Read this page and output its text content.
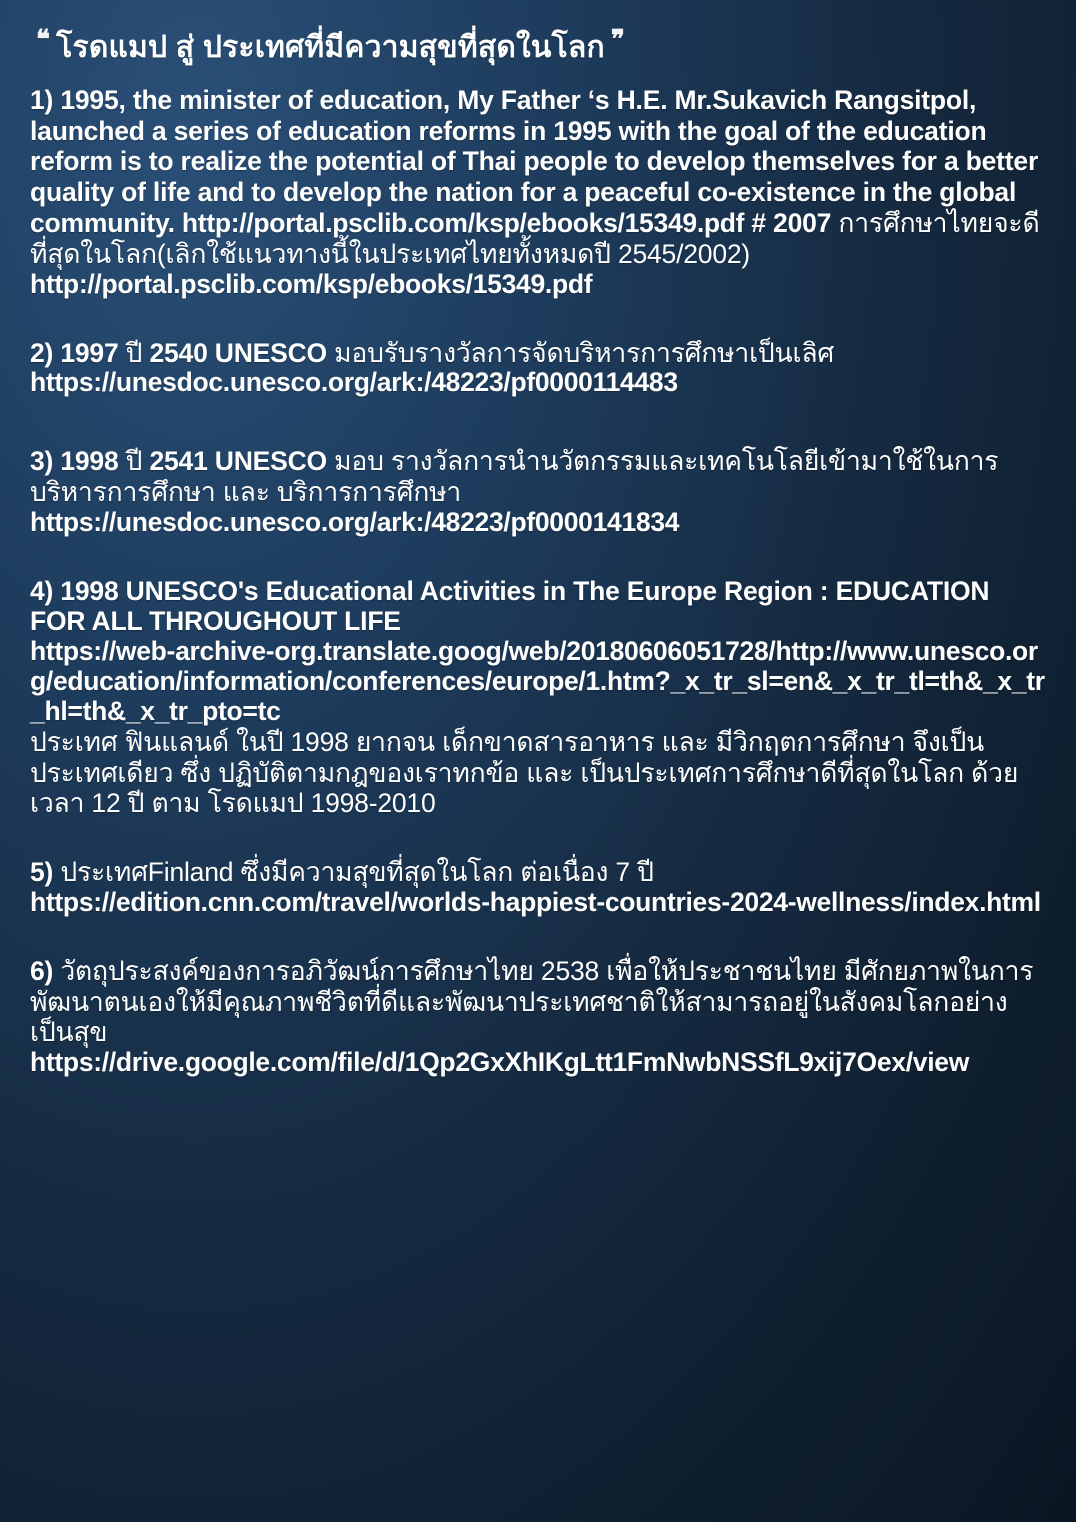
❝ โรดแมป สู่ ประเทศที่มีความสุขที่สุดในโลก ❞
1) 1995, the minister of education, My Father ‘s H.E. Mr.Sukavich Rangsitpol, launched a series of education reforms in 1995 with the goal of the education reform is to realize the potential of Thai people to develop themselves for a better quality of life and to develop the nation for a peaceful co-existence in the global community. http://portal.psclib.com/ksp/ebooks/15349.pdf # 2007 การศึกษาไทยจะดีที่สุดในโลก(เลิกใช้แนวทางนี้ในประเทศไทยทั้งหมดปี 2545/2002)
http://portal.psclib.com/ksp/ebooks/15349.pdf
2) 1997 ปี 2540 UNESCO มอบรับรางวัลการจัดบริหารการศึกษาเป็นเลิศ
https://unesdoc.unesco.org/ark:/48223/pf0000114483
3) 1998 ปี 2541 UNESCO มอบ รางวัลการนำนวัตกรรมและเทคโนโลยีเข้ามาใช้ในการบริหารการศึกษา และ บริการการศึกษา
https://unesdoc.unesco.org/ark:/48223/pf0000141834
4) 1998 UNESCO's Educational Activities in The Europe Region : EDUCATION FOR ALL THROUGHOUT LIFE
https://web-archive-org.translate.goog/web/20180606051728/http://www.unesco.org/education/information/conferences/europe/1.htm?_x_tr_sl=en&_x_tr_tl=th&_x_tr_hl=th&_x_tr_pto=tc
ประเทศ ฟินแลนด์ ในปี 1998 ยากจน เด็กขาดสารอาหาร และ มีวิกฤตการศึกษา จึงเป็นประเทศเดียว ซึ่ง ปฏิบัติตามกฎของเราทกข้อ และ เป็นประเทศการศึกษาดีที่สุดในโลก ด้วยเวลา 12 ปี ตาม โรดแมป 1998-2010
5) ประเทศFinland ซึ่งมีความสุขที่สุดในโลก ต่อเนื่อง 7 ปี
https://edition.cnn.com/travel/worlds-happiest-countries-2024-wellness/index.html
6) วัตถุประสงค์ของการอภิวัฒน์การศึกษาไทย 2538 เพื่อให้ประชาชนไทย มีศักยภาพในการพัฒนาตนเองให้มีคุณภาพชีวิตที่ดีและพัฒนาประเทศชาติให้สามารถอยู่ในสังคมโลกอย่างเป็นสุข
https://drive.google.com/file/d/1Qp2GxXhIKgLtt1FmNwbNSSfL9xij7Oex/view
